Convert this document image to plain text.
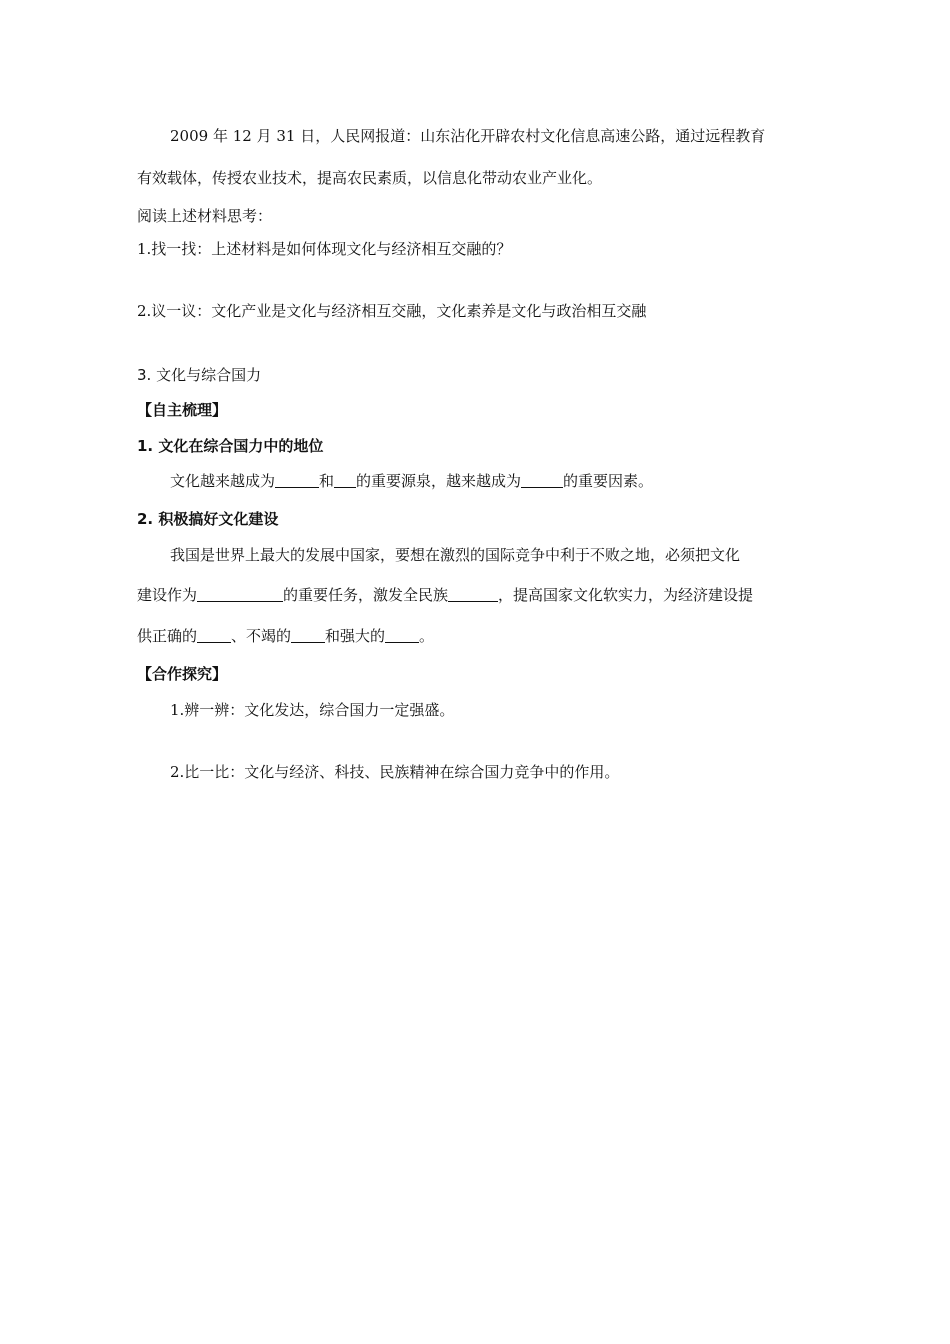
2009 年 12 月 31 日，人民网报道：山东沾化开辟农村文化信息高速公路，通过远程教育
有效载体，传授农业技术，提高农民素质，以信息化带动农业产业化。
阅读上述材料思考：
1.找一找：上述材料是如何体现文化与经济相互交融的？
2.议一议：文化产业是文化与经济相互交融，文化素养是文化与政治相互交融
3. 文化与综合国力
【自主梳理】
1. 文化在综合国力中的地位
文化越来越成为	和 的重要源泉，越来越成为	的重要因素。
2. 积极搞好文化建设
我国是世界上最大的发展中国家，要想在激烈的国际竞争中利于不败之地，必须把文化
建设作为	的重要任务，激发全民族	，提高国家文化软实力，为经济建设提
供正确的 、不竭的 和强大的 。
【合作探究】
1.辨一辨：文化发达，综合国力一定强盛。
2.比一比：文化与经济、科技、民族精神在综合国力竞争中的作用。
